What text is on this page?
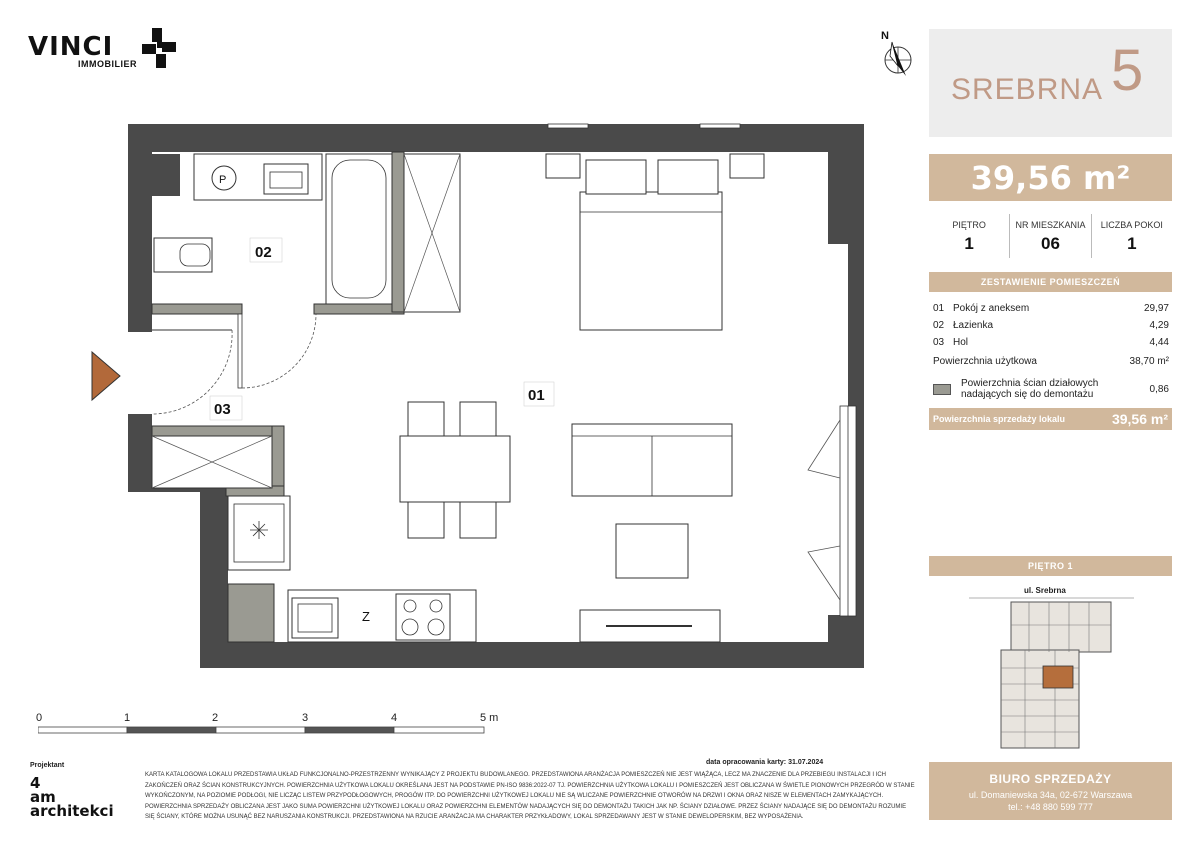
VINCI
IMMOBILIER
N
SREBRNA 5
39,56 m²
PIĘTRO
1
NR MIESZKANIA
06
LICZBA POKOI
1
ZESTAWIENIE POMIESZCZEŃ
01 Pokój z aneksem	29,97
02 Łazienka	4,29
03 Hol	4,44
Powierzchnia użytkowa	38,70 m²
Powierzchnia ścian działowych nadających się do demontażu	0,86
Powierzchnia sprzedaży lokalu	39,56 m²
PIĘTRO 1
ul. Srebrna
BIURO SPRZEDAŻY
ul. Domaniewska 34a, 02-672 Warszawa
tel.: +48 880 599 777
P
Z
02
01
03
0	1	2	3	4	5 m
Projektant
4
am
architekci
data opracowania karty: 31.07.2024
KARTA KATALOGOWA LOKALU PRZEDSTAWIA UKŁAD FUNKCJONALNO-PRZESTRZENNY WYNIKAJĄCY Z PROJEKTU BUDOWLANEGO. PRZEDSTAWIONA ARANŻACJA POMIESZCZEŃ NIE JEST WIĄŻĄCA, LECZ MA ZNACZENIE DLA PRZEBIEGU INSTALACJI I ICH ZAKOŃCZEŃ ORAZ ŚCIAN KONSTRUKCYJNYCH. POWIERZCHNIA UŻYTKOWA LOKALU OKREŚLANA JEST NA PODSTAWIE PN-ISO 9836:2022-07 TJ. POWIERZCHNIA UŻYTKOWA LOKALU I POMIESZCZEŃ JEST OBLICZANA W ŚWIETLE PIONOWYCH PRZEGRÓD W STANIE WYKOŃCZONYM, NA POZIOMIE PODŁOGI, NIE LICZĄC LISTEW PRZYPODŁOGOWYCH, PROGÓW ITP. DO POWIERZCHNI UŻYTKOWEJ LOKALU NIE SĄ WLICZANE POWIERZCHNIE OTWORÓW NA DRZWI I OKNA ORAZ NISZE W ELEMENTACH ZAMYKAJĄCYCH. POWIERZCHNIA SPRZEDAŻY OBLICZANA JEST JAKO SUMA POWIERZCHNI UŻYTKOWEJ LOKALU ORAZ POWIERZCHNI ELEMENTÓW NADAJĄCYCH SIĘ DO DEMONTAŻU TAKICH JAK NP. ŚCIANY DZIAŁOWE. PRZEZ ŚCIANY NADAJĄCE SIĘ DO DEMONTAŻU ROZUMIE SIĘ ŚCIANY, KTÓRE MOŻNA USUNĄĆ BEZ NARUSZANIA KONSTRUKCJI. PRZEDSTAWIONA NA RZUCIE ARANŻACJA MA CHARAKTER PRZYKŁADOWY, LOKAL SPRZEDAWANY JEST W STANIE DEWELOPERSKIM, BEZ WYPOSAŻENIA.
